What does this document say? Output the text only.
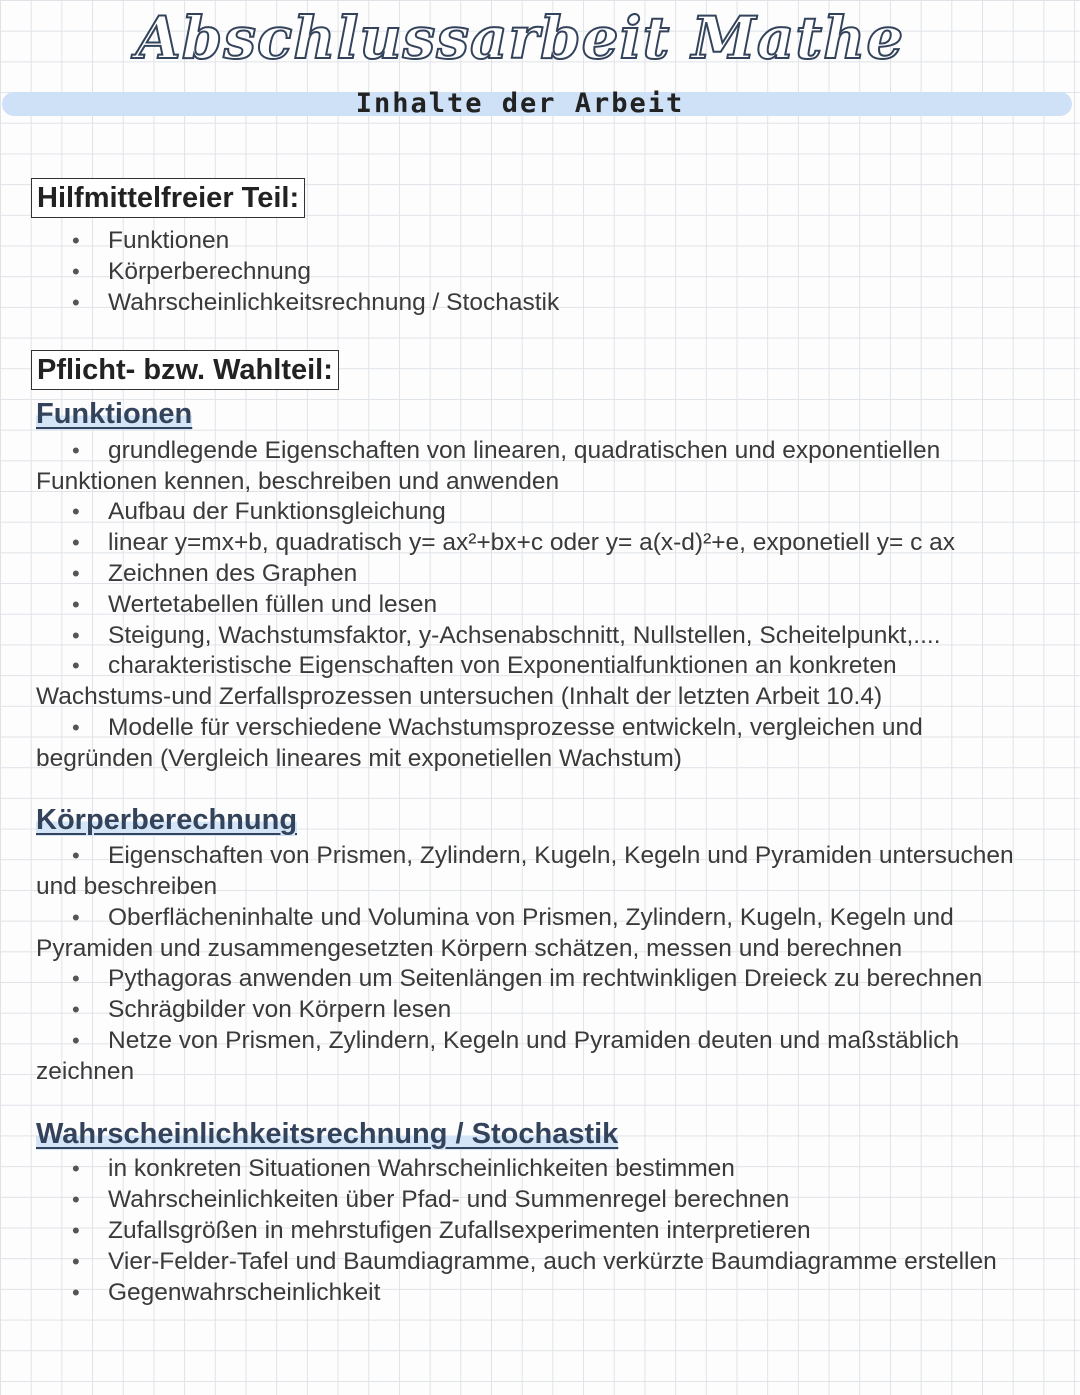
Abschlussarbeit Mathe
Inhalte der Arbeit
Hilfmittelfreier Teil:
• Funktionen
• Körperberechnung
• Wahrscheinlichkeitsrechnung / Stochastik
Pflicht- bzw. Wahlteil:
Funktionen
• grundlegende Eigenschaften von linearen, quadratischen und exponentiellen
Funktionen kennen, beschreiben und anwenden
• Aufbau der Funktionsgleichung
• linear y=mx+b, quadratisch y= ax²+bx+c oder y= a(x-d)²+e, exponetiell y= c ax
• Zeichnen des Graphen
• Wertetabellen füllen und lesen
• Steigung, Wachstumsfaktor, y-Achsenabschnitt, Nullstellen, Scheitelpunkt,....
• charakteristische Eigenschaften von Exponentialfunktionen an konkreten
Wachstums-und Zerfallsprozessen untersuchen (Inhalt der letzten Arbeit 10.4)
• Modelle für verschiedene Wachstumsprozesse entwickeln, vergleichen und
begründen (Vergleich lineares mit exponetiellen Wachstum)
Körperberechnung
• Eigenschaften von Prismen, Zylindern, Kugeln, Kegeln und Pyramiden untersuchen
und beschreiben
• Oberflächeninhalte und Volumina von Prismen, Zylindern, Kugeln, Kegeln und
Pyramiden und zusammengesetzten Körpern schätzen, messen und berechnen
• Pythagoras anwenden um Seitenlängen im rechtwinkligen Dreieck zu berechnen
• Schrägbilder von Körpern lesen
• Netze von Prismen, Zylindern, Kegeln und Pyramiden deuten und maßstäblich
zeichnen
Wahrscheinlichkeitsrechnung / Stochastik
• in konkreten Situationen Wahrscheinlichkeiten bestimmen
• Wahrscheinlichkeiten über Pfad- und Summenregel berechnen
• Zufallsgrößen in mehrstufigen Zufallsexperimenten interpretieren
• Vier-Felder-Tafel und Baumdiagramme, auch verkürzte Baumdiagramme erstellen
• Gegenwahrscheinlichkeit
